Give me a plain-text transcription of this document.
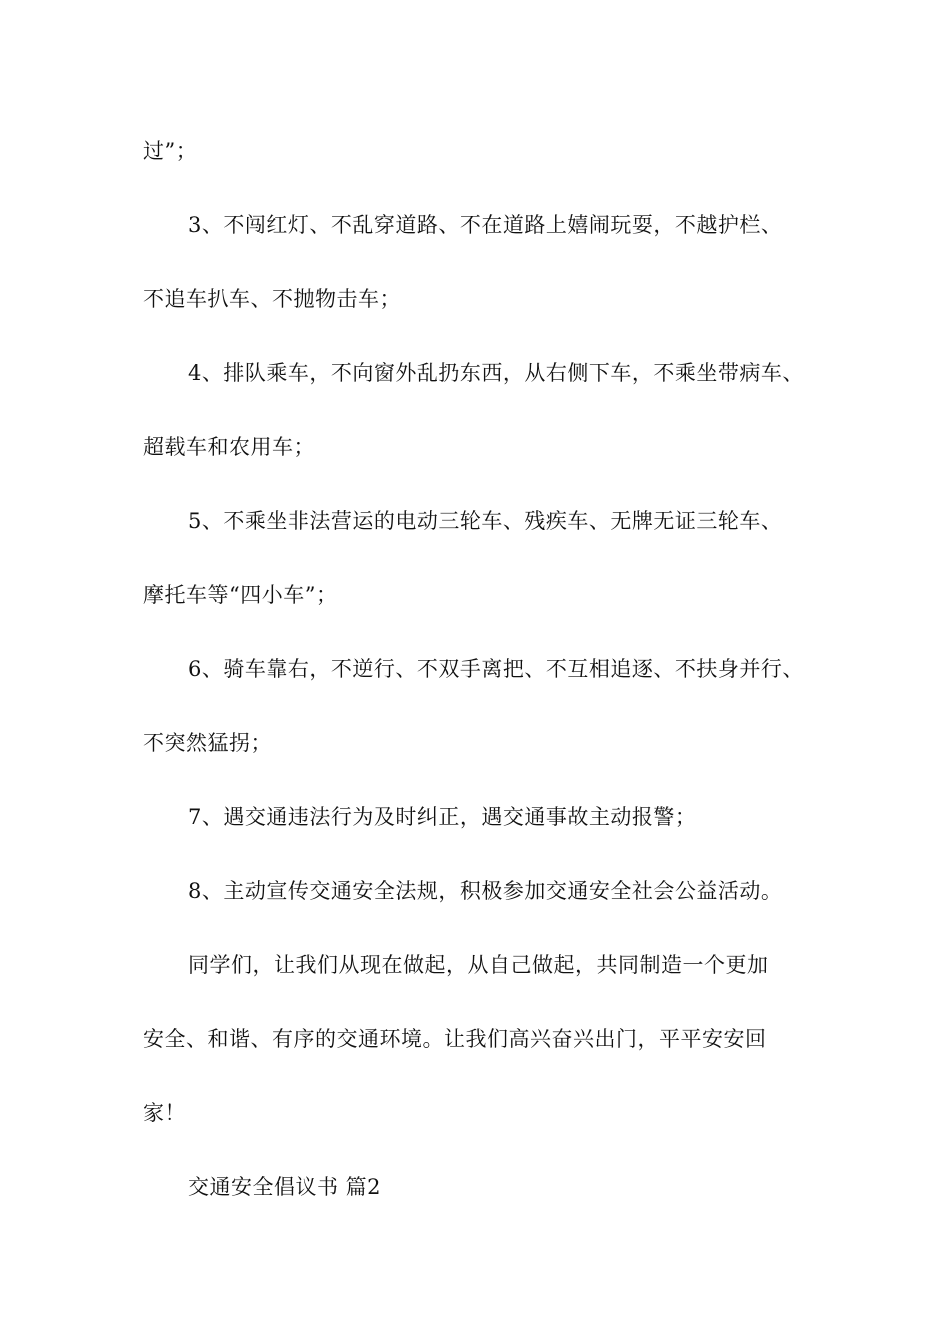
过”；
3、不闯红灯、不乱穿道路、不在道路上嬉闹玩耍，不越护栏、
不追车扒车、不抛物击车；
4、排队乘车，不向窗外乱扔东西，从右侧下车，不乘坐带病车、
超载车和农用车；
5、不乘坐非法营运的电动三轮车、残疾车、无牌无证三轮车、
摩托车等“四小车”；
6、骑车靠右，不逆行、不双手离把、不互相追逐、不扶身并行、
不突然猛拐；
7、遇交通违法行为及时纠正，遇交通事故主动报警；
8、主动宣传交通安全法规，积极参加交通安全社会公益活动。
同学们，让我们从现在做起，从自己做起，共同制造一个更加
安全、和谐、有序的交通环境。让我们高兴奋兴出门，平平安安回
家！
交通安全倡议书 篇2
